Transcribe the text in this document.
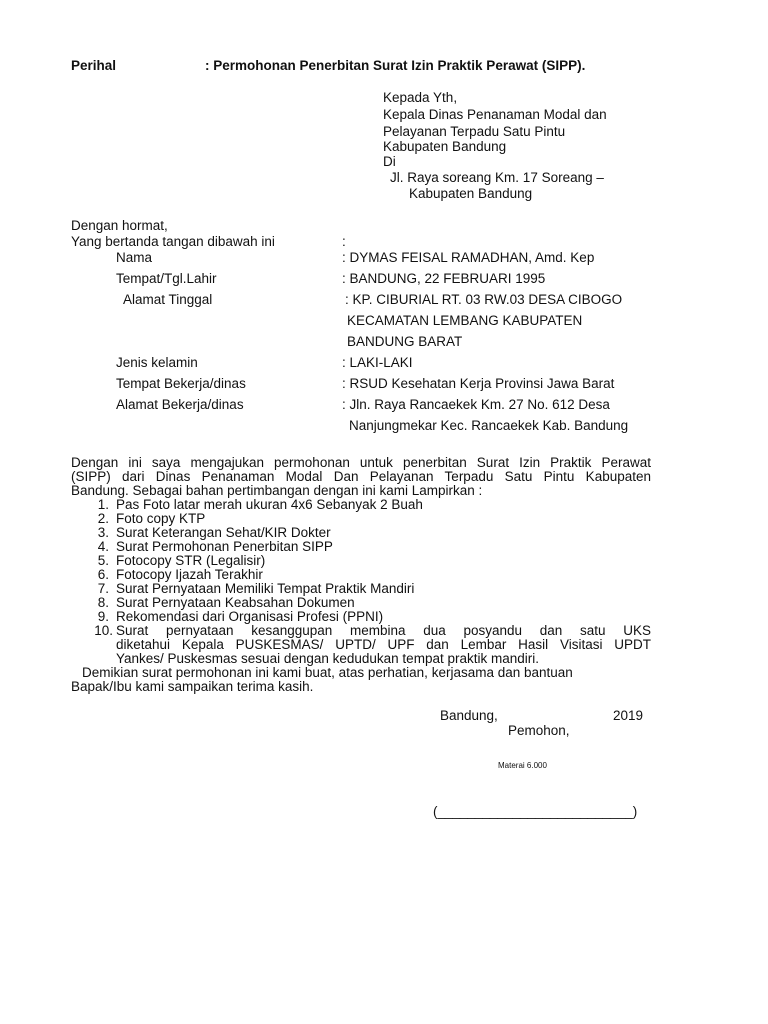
Perihal	: Permohonan Penerbitan Surat Izin Praktik Perawat (SIPP).
Kepada Yth,
Kepala Dinas Penanaman Modal dan
Pelayanan Terpadu Satu Pintu
Kabupaten Bandung
Di
Jl. Raya soreang Km. 17 Soreang –
Kabupaten Bandung
Dengan hormat,
Yang bertanda tangan dibawah ini	:
Nama	: DYMAS FEISAL RAMADHAN, Amd. Kep
Tempat/Tgl.Lahir	: BANDUNG, 22 FEBRUARI 1995
Alamat Tinggal	: KP. CIBURIAL RT. 03 RW.03 DESA CIBOGO
KECAMATAN LEMBANG KABUPATEN
BANDUNG BARAT
Jenis kelamin	: LAKI-LAKI
Tempat Bekerja/dinas	: RSUD Kesehatan Kerja Provinsi Jawa Barat
Alamat Bekerja/dinas	: Jln. Raya Rancaekek Km. 27 No. 612 Desa
Nanjungmekar Kec. Rancaekek Kab. Bandung
Dengan ini saya mengajukan permohonan untuk penerbitan Surat Izin Praktik Perawat
(SIPP) dari Dinas Penanaman Modal Dan Pelayanan Terpadu Satu Pintu Kabupaten
Bandung. Sebagai bahan pertimbangan dengan ini kami Lampirkan :
1. Pas Foto latar merah ukuran 4x6 Sebanyak 2 Buah
2. Foto copy KTP
3. Surat Keterangan Sehat/KIR Dokter
4. Surat Permohonan Penerbitan SIPP
5. Fotocopy STR (Legalisir)
6. Fotocopy Ijazah Terakhir
7. Surat Pernyataan Memiliki Tempat Praktik Mandiri
8. Surat Pernyataan Keabsahan Dokumen
9. Rekomendasi dari Organisasi Profesi (PPNI)
10. Surat pernyataan kesanggupan membina dua posyandu dan satu UKS
diketahui Kepala PUSKESMAS/ UPTD/ UPF dan Lembar Hasil Visitasi UPDT
Yankes/ Puskesmas sesuai dengan kedudukan tempat praktik mandiri.
Demikian surat permohonan ini kami buat, atas perhatian, kerjasama dan bantuan
Bapak/Ibu kami sampaikan terima kasih.
Bandung,	2019
Pemohon,
Materai 6.000
(__________________________)
